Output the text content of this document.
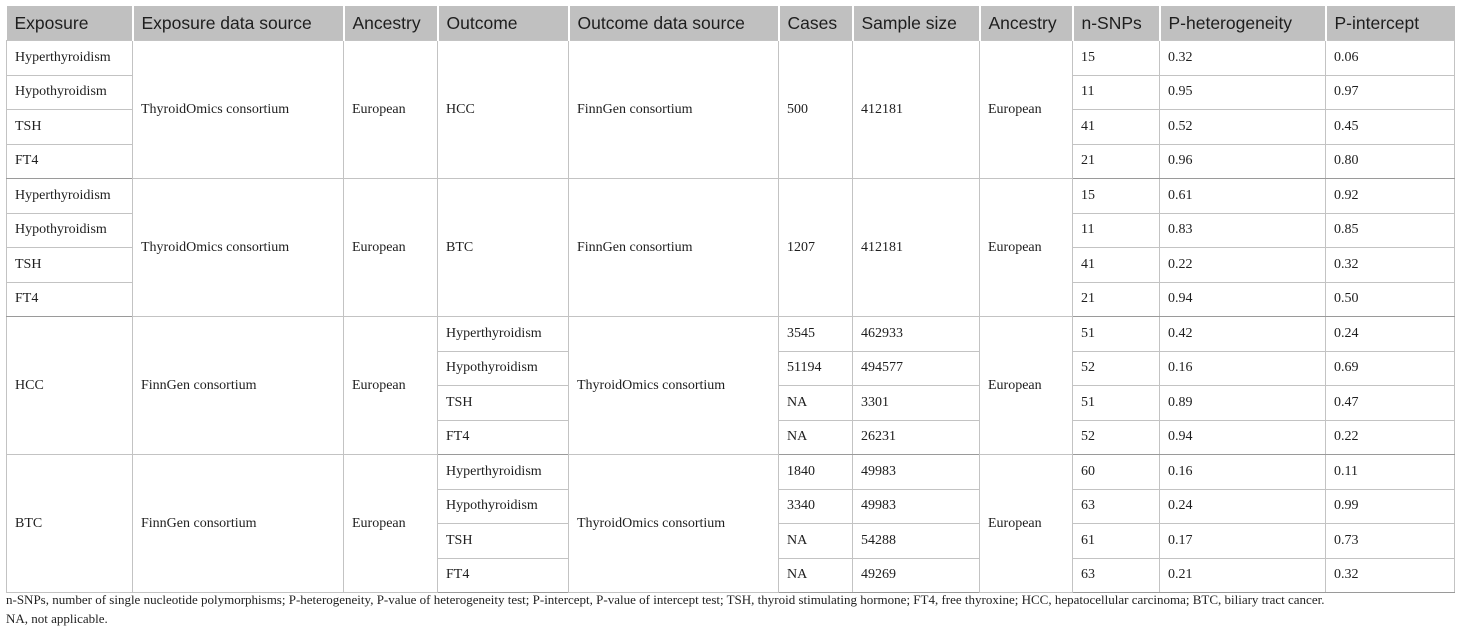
Exposure	Exposure data source	Ancestry	Outcome	Outcome data source	Cases	Sample size	Ancestry	n-SNPs	P-heterogeneity	P-intercept
Hyperthyroidism	ThyroidOmics consortium	European	HCC	FinnGen consortium	500	412181	European	15	0.32	0.06
Hypothyroidism								11	0.95	0.97
TSH								41	0.52	0.45
FT4								21	0.96	0.80
Hyperthyroidism	ThyroidOmics consortium	European	BTC	FinnGen consortium	1207	412181	European	15	0.61	0.92
Hypothyroidism								11	0.83	0.85
TSH								41	0.22	0.32
FT4								21	0.94	0.50
HCC	FinnGen consortium	European	Hyperthyroidism	ThyroidOmics consortium	3545	462933	European	51	0.42	0.24
			Hypothyroidism		51194	494577		52	0.16	0.69
			TSH		NA	3301		51	0.89	0.47
			FT4		NA	26231		52	0.94	0.22
BTC	FinnGen consortium	European	Hyperthyroidism	ThyroidOmics consortium	1840	49983	European	60	0.16	0.11
			Hypothyroidism		3340	49983		63	0.24	0.99
			TSH		NA	54288		61	0.17	0.73
			FT4		NA	49269		63	0.21	0.32
n-SNPs, number of single nucleotide polymorphisms; P-heterogeneity, P-value of heterogeneity test; P-intercept, P-value of intercept test; TSH, thyroid stimulating hormone; FT4, free thyroxine; HCC, hepatocellular carcinoma; BTC, biliary tract cancer.
NA, not applicable.
